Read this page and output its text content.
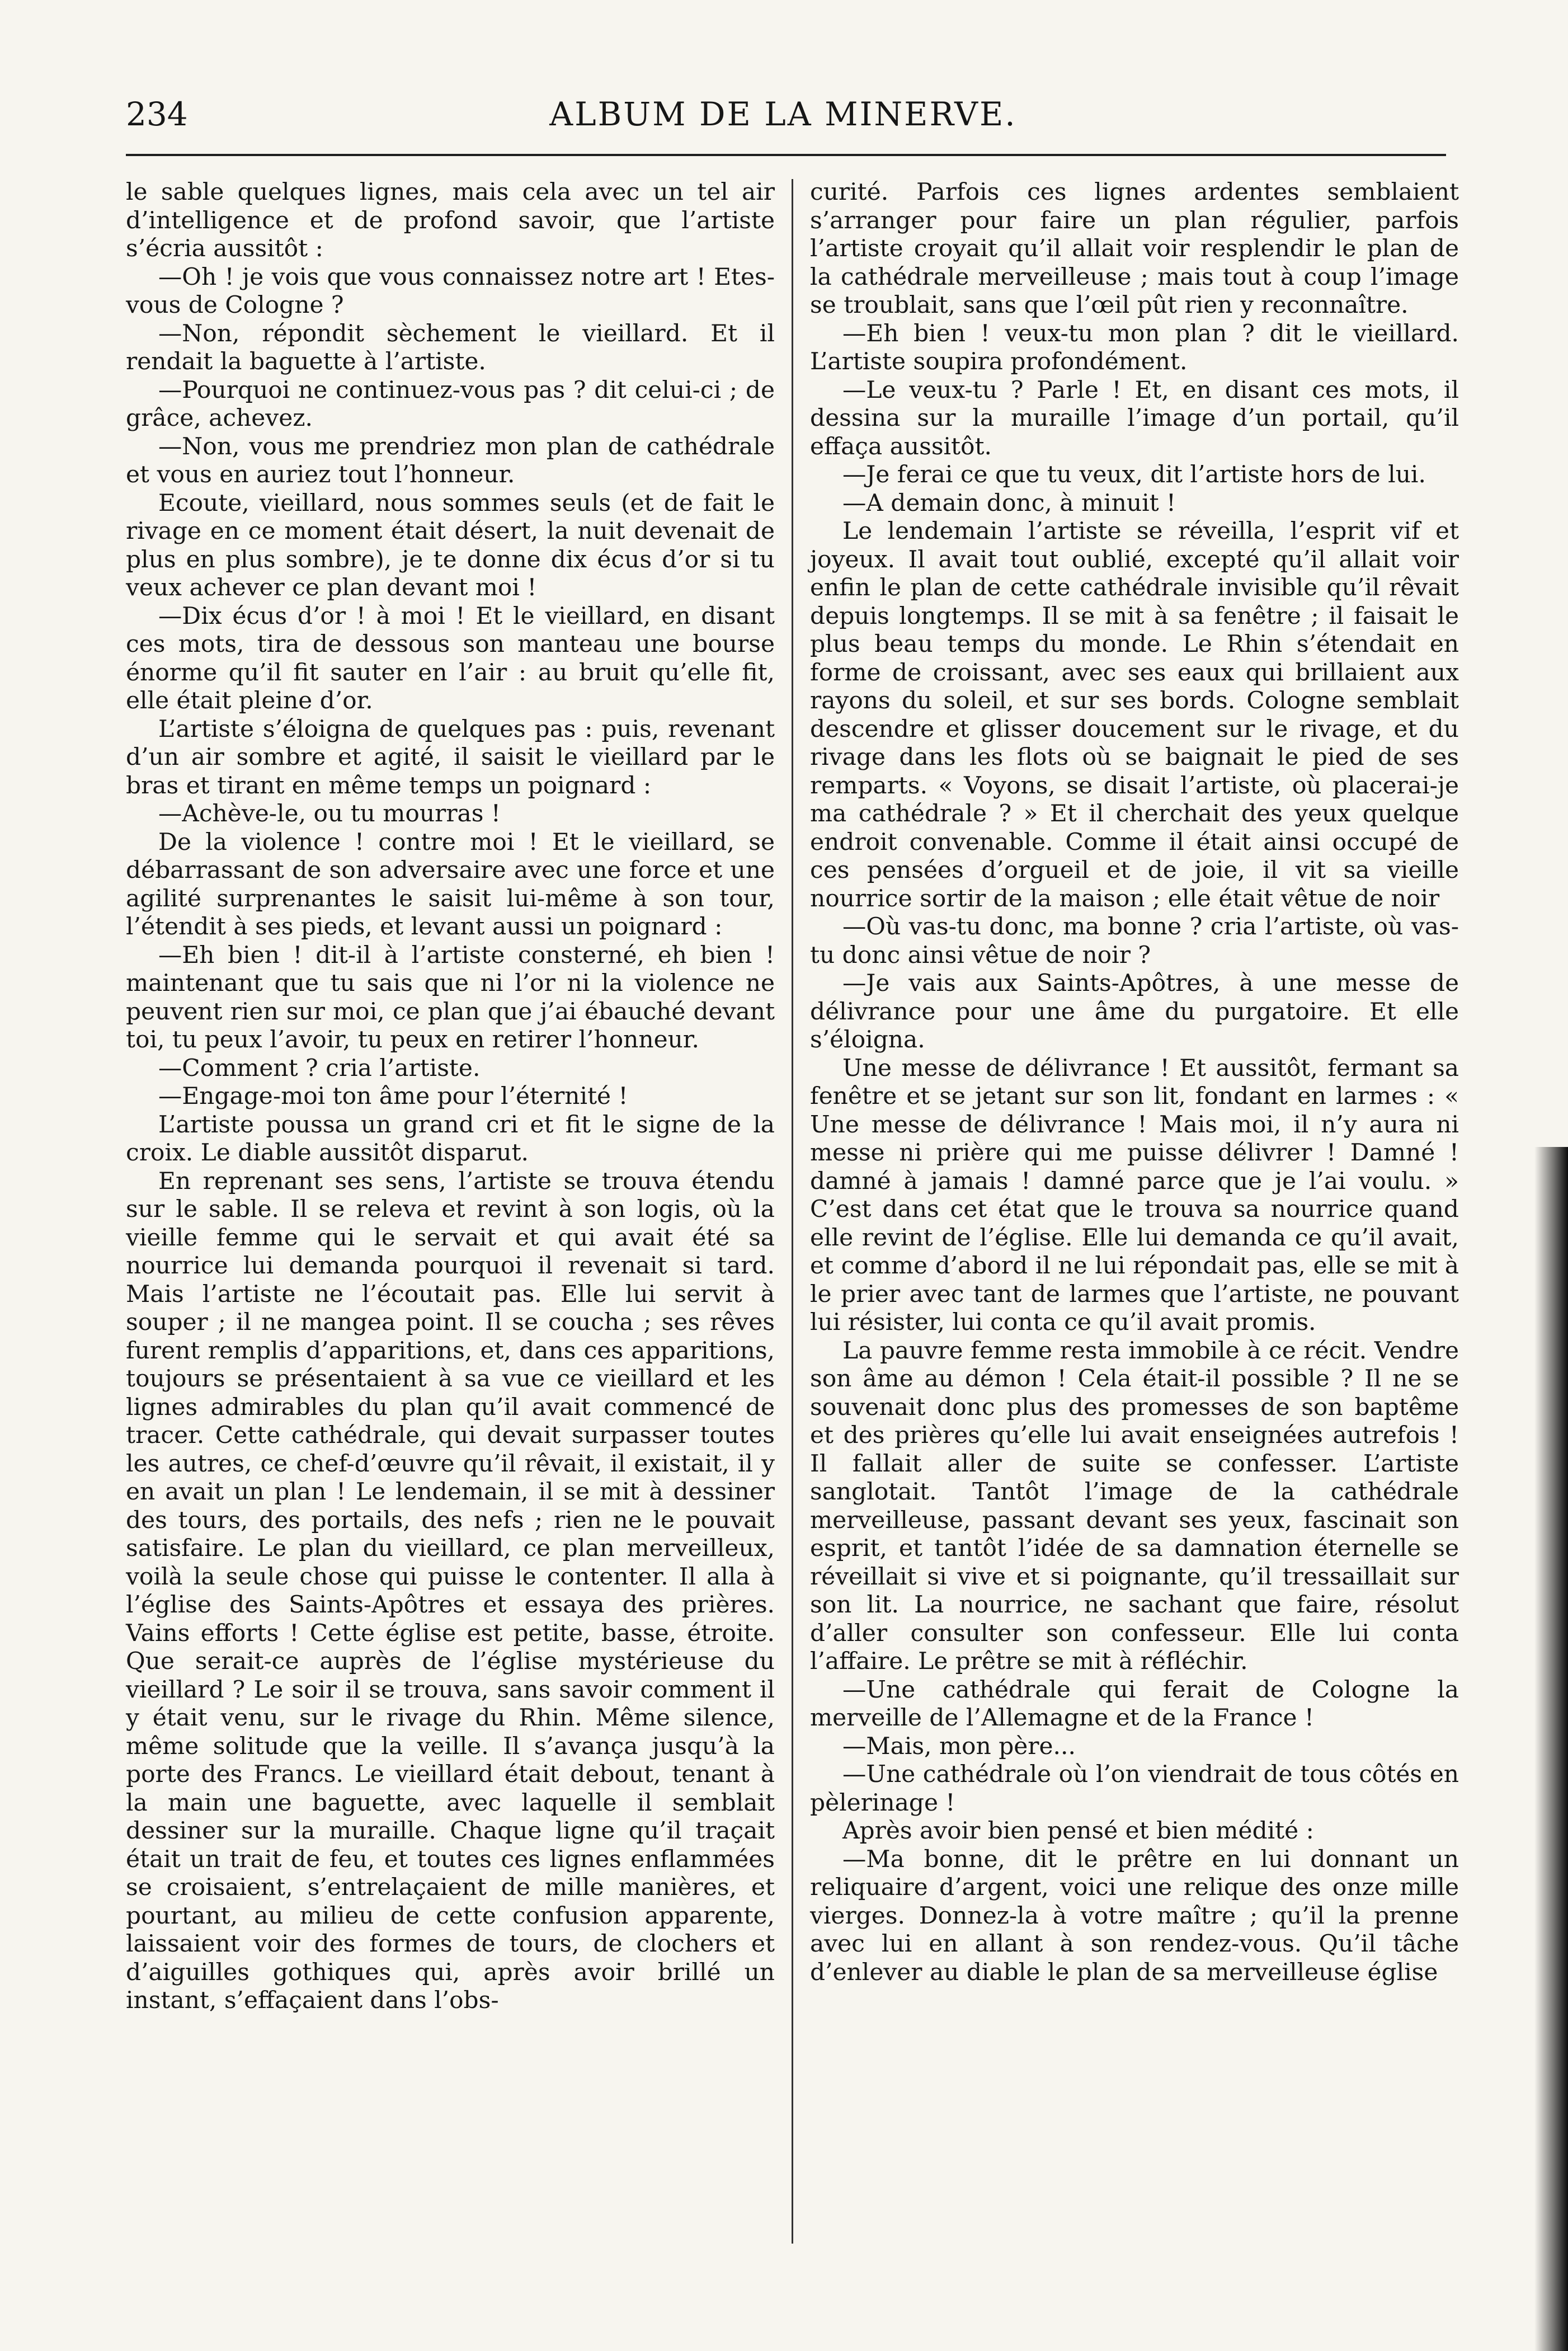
234	ALBUM DE LA MINERVE.

le sable quelques lignes, mais cela avec un tel air d’intelligence et de profond savoir, que l’artiste s’écria aussitôt :

—Oh ! je vois que vous connaissez notre art ! Etes-vous de Cologne ?

—Non, répondit sèchement le vieillard. Et il rendait la baguette à l’artiste.

—Pourquoi ne continuez-vous pas ? dit celui-ci ; de grâce, achevez.

—Non, vous me prendriez mon plan de cathédrale et vous en auriez tout l’honneur.

Ecoute, vieillard, nous sommes seuls (et de fait le rivage en ce moment était désert, la nuit devenait de plus en plus sombre), je te donne dix écus d’or si tu veux achever ce plan devant moi !

—Dix écus d’or ! à moi ! Et le vieillard, en disant ces mots, tira de dessous son manteau une bourse énorme qu’il fit sauter en l’air : au bruit qu’elle fit, elle était pleine d’or.

L’artiste s’éloigna de quelques pas : puis, revenant d’un air sombre et agité, il saisit le vieillard par le bras et tirant en même temps un poignard :

—Achève-le, ou tu mourras !

De la violence ! contre moi ! Et le vieillard, se débarrassant de son adversaire avec une force et une agilité surprenantes le saisit lui-même à son tour, l’étendit à ses pieds, et levant aussi un poignard :

—Eh bien ! dit-il à l’artiste consterné, eh bien ! maintenant que tu sais que ni l’or ni la violence ne peuvent rien sur moi, ce plan que j’ai ébauché devant toi, tu peux l’avoir, tu peux en retirer l’honneur.

—Comment ? cria l’artiste.

—Engage-moi ton âme pour l’éternité !

L’artiste poussa un grand cri et fit le signe de la croix. Le diable aussitôt disparut.

En reprenant ses sens, l’artiste se trouva étendu sur le sable. Il se releva et revint à son logis, où la vieille femme qui le servait et qui avait été sa nourrice lui demanda pourquoi il revenait si tard. Mais l’artiste ne l’écoutait pas. Elle lui servit à souper ; il ne mangea point. Il se coucha ; ses rêves furent remplis d’apparitions, et, dans ces apparitions, toujours se présentaient à sa vue ce vieillard et les lignes admirables du plan qu’il avait commencé de tracer. Cette cathédrale, qui devait surpasser toutes les autres, ce chef-d’œuvre qu’il rêvait, il existait, il y en avait un plan ! Le lendemain, il se mit à dessiner des tours, des portails, des nefs ; rien ne le pouvait satisfaire. Le plan du vieillard, ce plan merveilleux, voilà la seule chose qui puisse le contenter. Il alla à l’église des Saints-Apôtres et essaya des prières. Vains efforts ! Cette église est petite, basse, étroite. Que serait-ce auprès de l’église mystérieuse du vieillard ? Le soir il se trouva, sans savoir comment il y était venu, sur le rivage du Rhin. Même silence, même solitude que la veille. Il s’avança jusqu’à la porte des Francs. Le vieillard était debout, tenant à la main une baguette, avec laquelle il semblait dessiner sur la muraille. Chaque ligne qu’il traçait était un trait de feu, et toutes ces lignes enflammées se croisaient, s’entrelaçaient de mille manières, et pourtant, au milieu de cette confusion apparente, laissaient voir des formes de tours, de clochers et d’aiguilles gothiques qui, après avoir brillé un instant, s’effaçaient dans l’obs-

curité. Parfois ces lignes ardentes semblaient s’arranger pour faire un plan régulier, parfois l’artiste croyait qu’il allait voir resplendir le plan de la cathédrale merveilleuse ; mais tout à coup l’image se troublait, sans que l’œil pût rien y reconnaître.

—Eh bien ! veux-tu mon plan ? dit le vieillard. L’artiste soupira profondément.

—Le veux-tu ? Parle ! Et, en disant ces mots, il dessina sur la muraille l’image d’un portail, qu’il effaça aussitôt.

—Je ferai ce que tu veux, dit l’artiste hors de lui.

—A demain donc, à minuit !

Le lendemain l’artiste se réveilla, l’esprit vif et joyeux. Il avait tout oublié, excepté qu’il allait voir enfin le plan de cette cathédrale invisible qu’il rêvait depuis longtemps. Il se mit à sa fenêtre ; il faisait le plus beau temps du monde. Le Rhin s’étendait en forme de croissant, avec ses eaux qui brillaient aux rayons du soleil, et sur ses bords. Cologne semblait descendre et glisser doucement sur le rivage, et du rivage dans les flots où se baignait le pied de ses remparts. « Voyons, se disait l’artiste, où placerai-je ma cathédrale ? » Et il cherchait des yeux quelque endroit convenable. Comme il était ainsi occupé de ces pensées d’orgueil et de joie, il vit sa vieille nourrice sortir de la maison ; elle était vêtue de noir

—Où vas-tu donc, ma bonne ? cria l’artiste, où vas-tu donc ainsi vêtue de noir ?

—Je vais aux Saints-Apôtres, à une messe de délivrance pour une âme du purgatoire. Et elle s’éloigna.

Une messe de délivrance ! Et aussitôt, fermant sa fenêtre et se jetant sur son lit, fondant en larmes : « Une messe de délivrance ! Mais moi, il n’y aura ni messe ni prière qui me puisse délivrer ! Damné ! damné à jamais ! damné parce que je l’ai voulu. » C’est dans cet état que le trouva sa nourrice quand elle revint de l’église. Elle lui demanda ce qu’il avait, et comme d’abord il ne lui répondait pas, elle se mit à le prier avec tant de larmes que l’artiste, ne pouvant lui résister, lui conta ce qu’il avait promis.

La pauvre femme resta immobile à ce récit. Vendre son âme au démon ! Cela était-il possible ? Il ne se souvenait donc plus des promesses de son baptême et des prières qu’elle lui avait enseignées autrefois ! Il fallait aller de suite se confesser. L’artiste sanglotait. Tantôt l’image de la cathédrale merveilleuse, passant devant ses yeux, fascinait son esprit, et tantôt l’idée de sa damnation éternelle se réveillait si vive et si poignante, qu’il tressaillait sur son lit. La nourrice, ne sachant que faire, résolut d’aller consulter son confesseur. Elle lui conta l’affaire. Le prêtre se mit à réfléchir.

—Une cathédrale qui ferait de Cologne la merveille de l’Allemagne et de la France !

—Mais, mon père...

—Une cathédrale où l’on viendrait de tous côtés en pèlerinage !

Après avoir bien pensé et bien médité :

—Ma bonne, dit le prêtre en lui donnant un reliquaire d’argent, voici une relique des onze mille vierges. Donnez-la à votre maître ; qu’il la prenne avec lui en allant à son rendez-vous. Qu’il tâche d’enlever au diable le plan de sa merveilleuse église
